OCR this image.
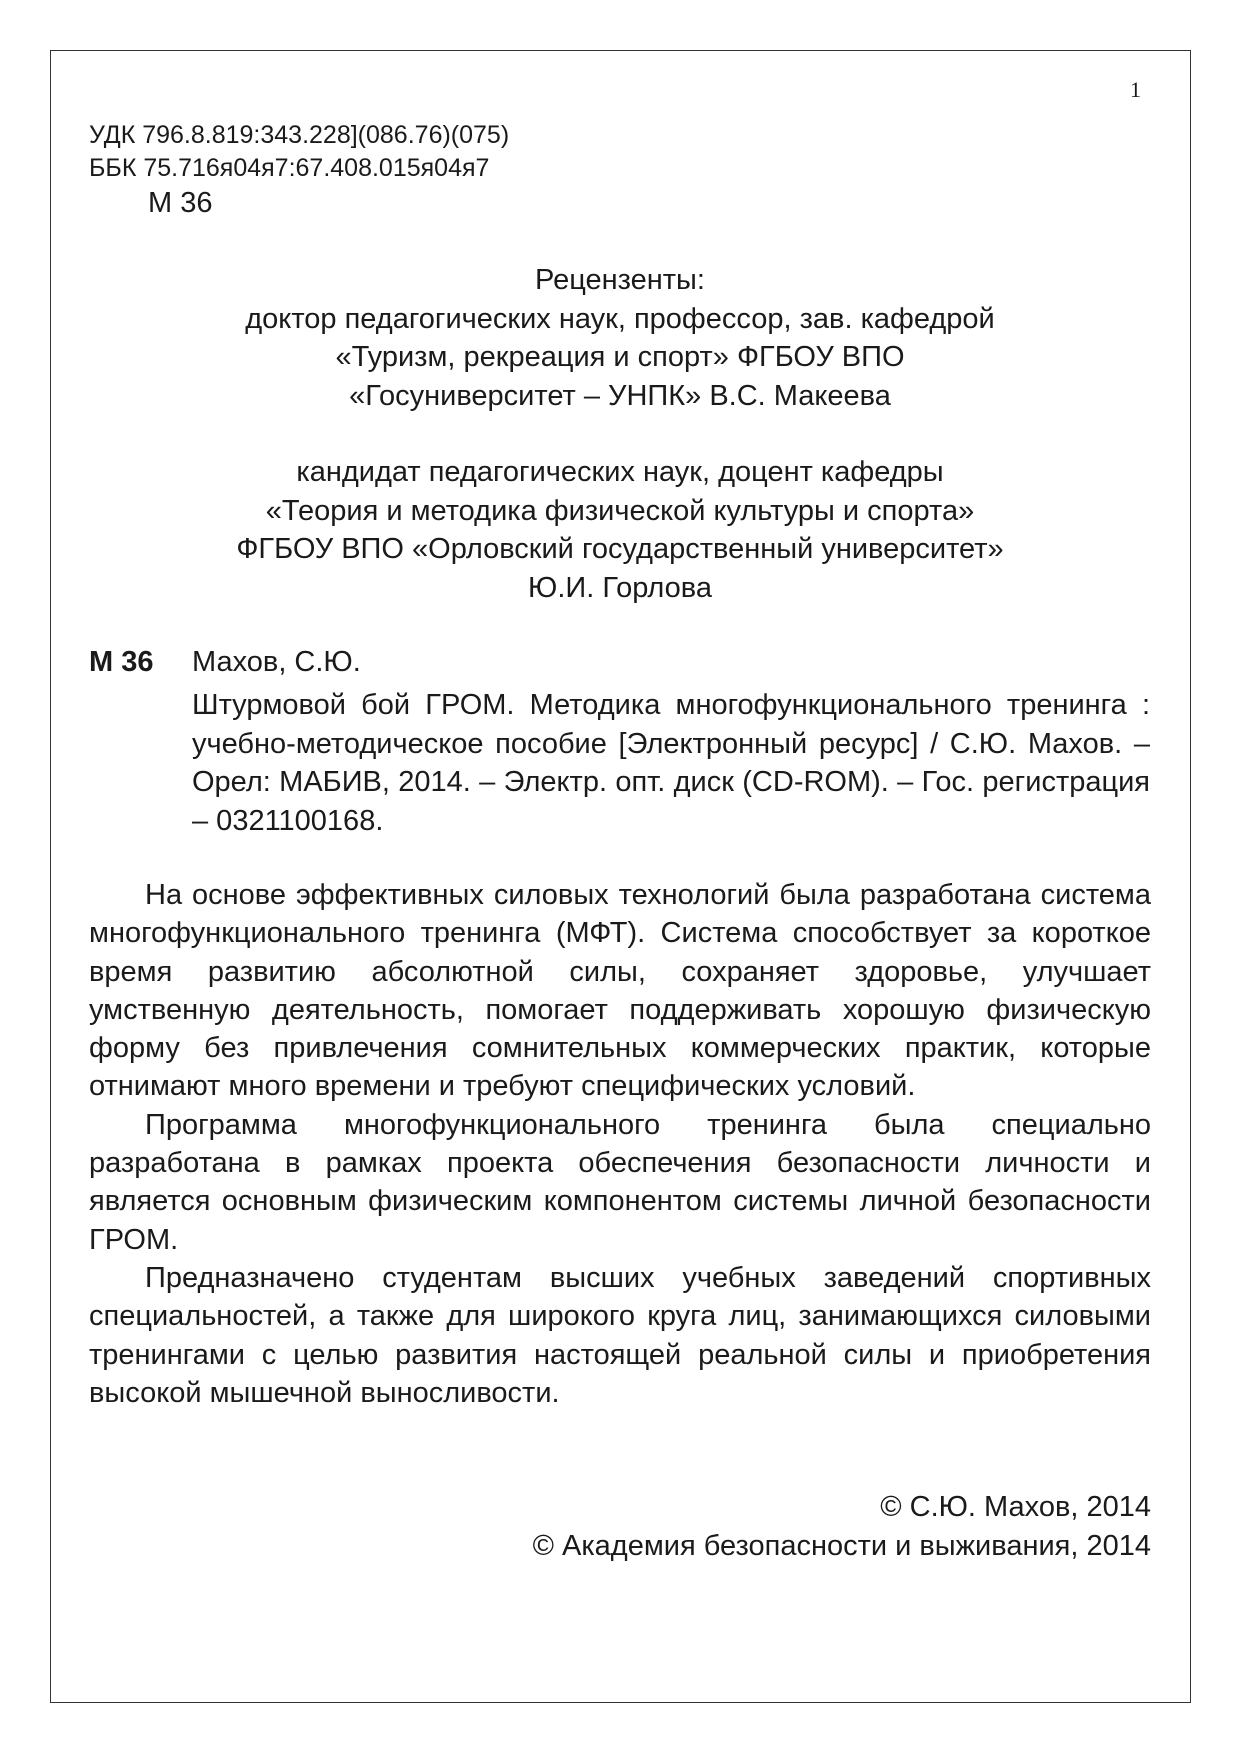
1
УДК 796.8.819:343.228](086.76)(075)
ББК 75.716я04я7:67.408.015я04я7
М 36
Рецензенты:
доктор педагогических наук, профессор, зав. кафедрой
«Туризм, рекреация и спорт» ФГБОУ ВПО
«Госуниверситет – УНПК» В.С. Макеева
кандидат педагогических наук, доцент кафедры
«Теория и методика физической культуры и спорта»
ФГБОУ ВПО «Орловский государственный университет»
Ю.И. Горлова
М 36 Махов, С.Ю.
Штурмовой бой ГРОМ. Методика многофункционального тренинга : учебно-методическое пособие [Электронный ресурс] / С.Ю. Махов. – Орел: МАБИВ, 2014. – Электр. опт. диск (CD-ROM). – Гос. регистрация – 0321100168.

На основе эффективных силовых технологий была разработана система многофункционального тренинга (МФТ). Система способствует за короткое время развитию абсолютной силы, сохраняет здоровье, улучшает умственную деятельность, помогает поддерживать хорошую физическую форму без привлечения сомнительных коммерческих практик, которые отнимают много времени и требуют специфических условий.

Программа многофункционального тренинга была специально разработана в рамках проекта обеспечения безопасности личности и является основным физическим компонентом системы личной безопасности ГРОМ.

Предназначено студентам высших учебных заведений спортивных специальностей, а также для широкого круга лиц, занимающихся силовыми тренингами с целью развития настоящей реальной силы и приобретения высокой мышечной выносливости.

© С.Ю. Махов, 2014
© Академия безопасности и выживания, 2014
